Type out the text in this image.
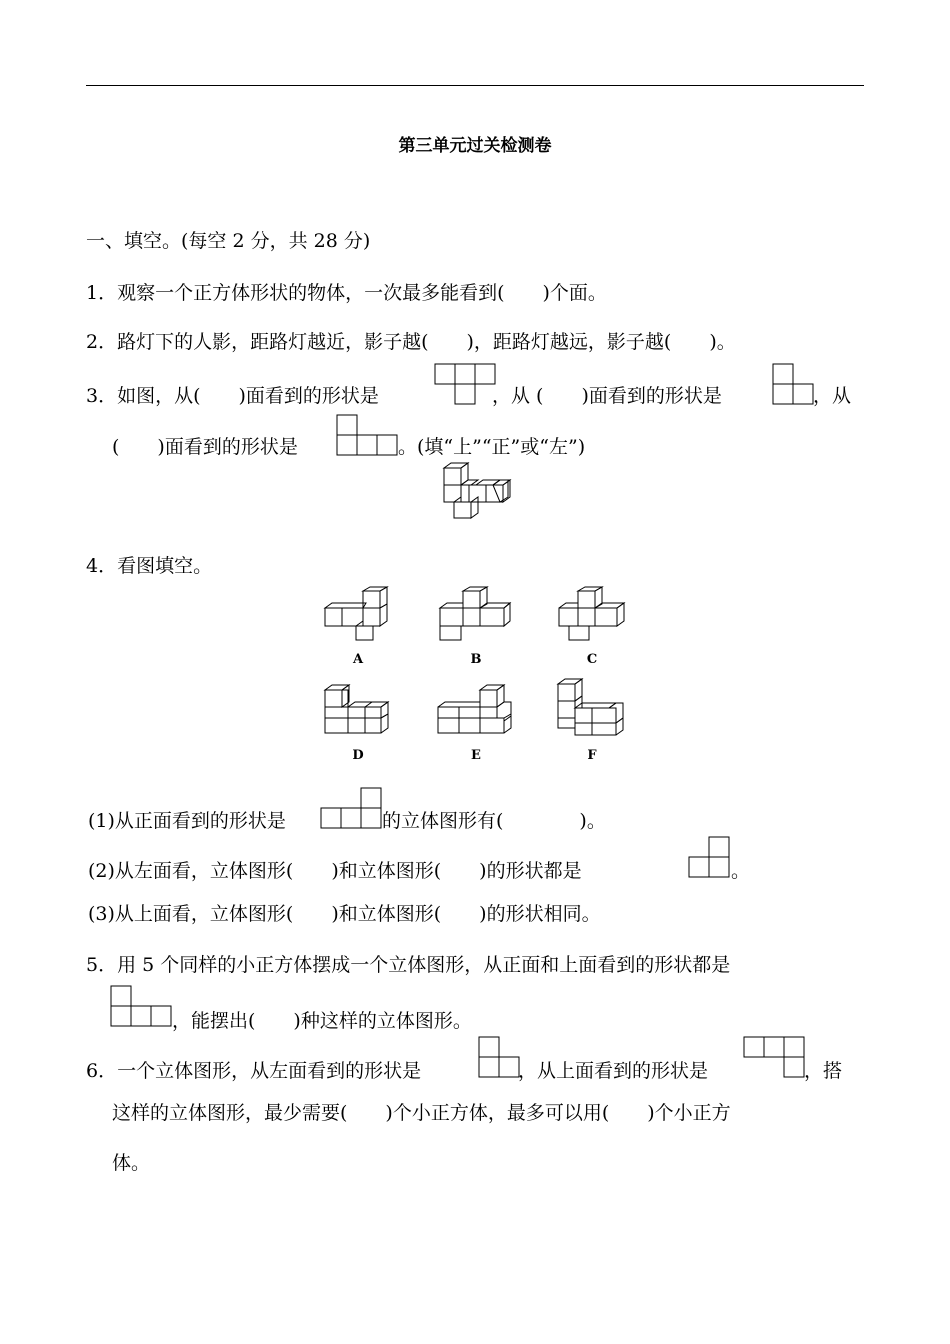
第三单元过关检测卷
一、填空。(每空 2 分，共 28 分)
1．观察一个正方体形状的物体，一次最多能看到(　　)个面。
2．路灯下的人影，距路灯越近，影子越(　　)，距路灯越远，影子越(　　)。
3．如图，从(　　)面看到的形状是	，从 (　　)面看到的形状是	，从
(　　)面看到的形状是	。(填“上”“正”或“左”)
4．看图填空。
A	B	C
D	E	F
(1)从正面看到的形状是	的立体图形有(　　　　)。
(2)从左面看，立体图形(　　)和立体图形(　　)的形状都是	。
(3)从上面看，立体图形(　　)和立体图形(　　)的形状相同。
5．用 5 个同样的小正方体摆成一个立体图形，从正面和上面看到的形状都是
，能摆出(　　)种这样的立体图形。
6．一个立体图形，从左面看到的形状是	，从上面看到的形状是	，搭
这样的立体图形，最少需要(　　)个小正方体，最多可以用(　　)个小正方
体。
